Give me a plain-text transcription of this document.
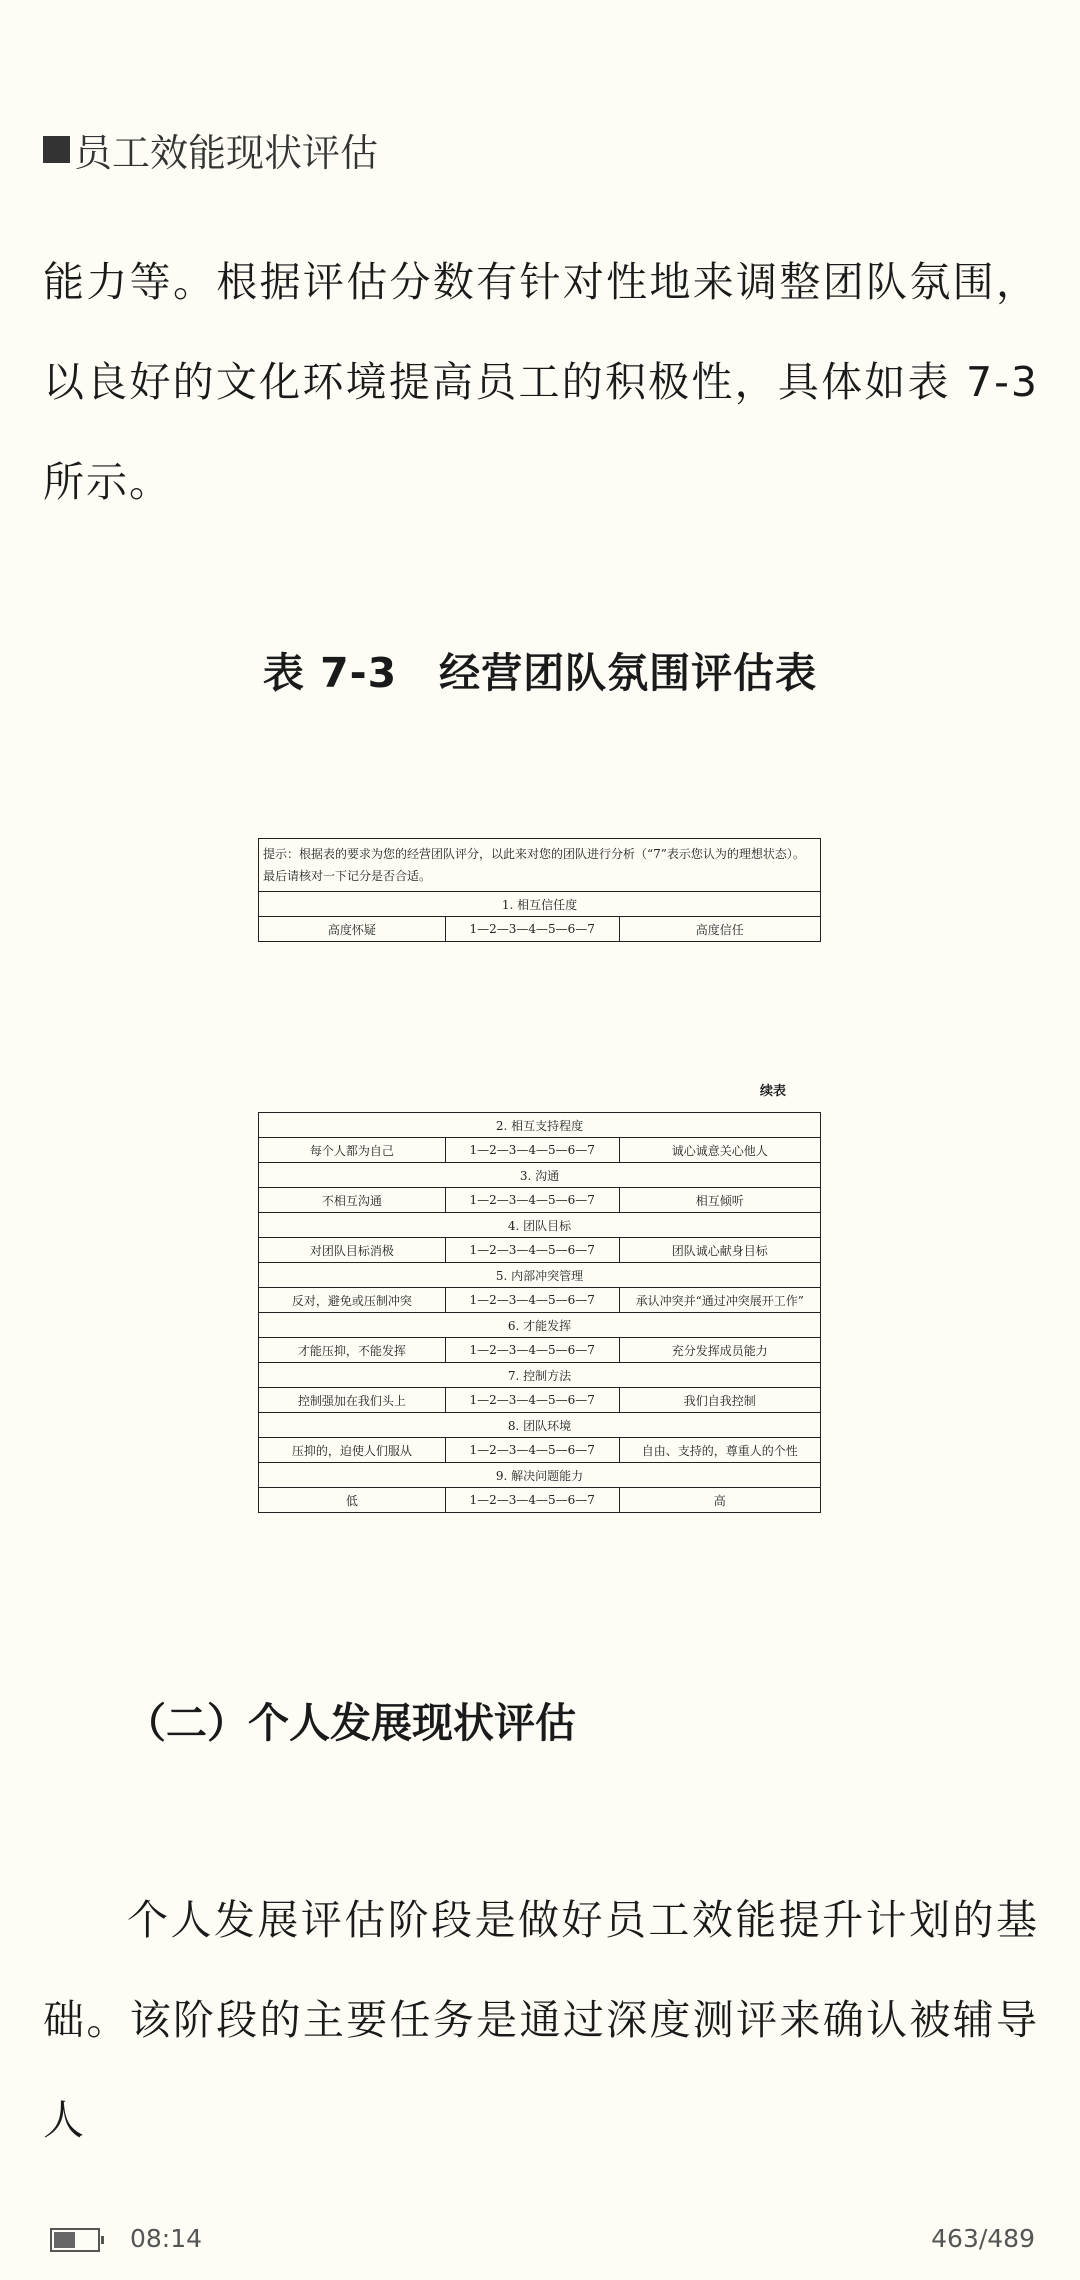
员工效能现状评估

能力等。根据评估分数有针对性地来调整团队氛围，以良好的文化环境提高员工的积极性，具体如表 7-3 所示。

表 7-3　经营团队氛围评估表
提示：根据表的要求为您的经营团队评分，以此来对您的团队进行分析（“7”表示您认为的理想状态）。最后请核对一下记分是否合适。
1. 相互信任度
高度怀疑	1—2—3—4—5—6—7	高度信任
续表
2. 相互支持程度		
每个人都为自己	1—2—3—4—5—6—7	诚心诚意关心他人
3. 沟通		
不相互沟通	1—2—3—4—5—6—7	相互倾听
4. 团队目标		
对团队目标消极	1—2—3—4—5—6—7	团队诚心献身目标
5. 内部冲突管理		
反对，避免或压制冲突	1—2—3—4—5—6—7	承认冲突并“通过冲突展开工作”
6. 才能发挥		
才能压抑，不能发挥	1—2—3—4—5—6—7	充分发挥成员能力
7. 控制方法		
控制强加在我们头上	1—2—3—4—5—6—7	我们自我控制
8. 团队环境		
压抑的，迫使人们服从	1—2—3—4—5—6—7	自由、支持的，尊重人的个性
9. 解决问题能力		
低	1—2—3—4—5—6—7	高
（二）个人发展现状评估

个人发展评估阶段是做好员工效能提升计划的基础。该阶段的主要任务是通过深度测评来确认被辅导人

08:14	463/489
